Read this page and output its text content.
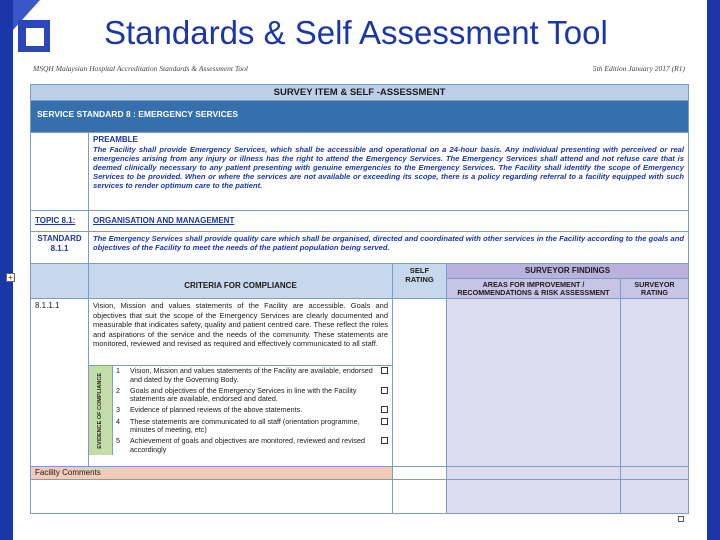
Standards & Self Assessment Tool
MSQH Malaysian Hospital Accreditation Standards & Assessment Tool	5th Edition January 2017 (R1)
SURVEY ITEM & SELF -ASSESSMENT
SERVICE STANDARD 8 : EMERGENCY SERVICES

PREAMBLE
The Facility shall provide Emergency Services, which shall be accessible and operational on a 24-hour basis. Any individual presenting with perceived or real emergencies arising from any injury or illness has the right to attend the Emergency Services. The Emergency Services shall attend and not refuse care that is deemed clinically necessary to any patient presenting with genuine emergencies to the Emergency Services. The Facility shall identify the scope of Emergency Services to be provided. When or where the services are not available or exceeding its scope, there is a policy regarding referral to a facility equipped with such services to render optimum care to the patient.

TOPIC 8.1:	ORGANISATION AND MANAGEMENT

STANDARD
8.1.1
	The Emergency Services shall provide quality care which shall be organised, directed and coordinated with other services in the Facility according to the goals and objectives of the Facility to meet the needs of the patient population being served.
	CRITERIA FOR COMPLIANCE	SELF RATING	SURVEYOR FINDINGS
AREAS FOR IMPROVEMENT / RECOMMENDATIONS & RISK ASSESSMENT	SURVEYOR RATING
8.1.1.1	Vision, Mission and values statements of the Facility are accessible. Goals and objectives that suit the scope of the Emergency Services are clearly documented and measurable that indicates safety, quality and patient centred care. These reflect the roles and aspirations of the service and the needs of the community. These statements are monitored, reviewed and revised as required and effectively communicated to all staff.
EVIDENCE OF COMPLIANCE
1	Vision, Mission and values statements of the Facility are available, endorsed and dated by the Governing Body.	
2	Goals and objectives of the Emergency Services in line with the Facility statements are available, endorsed and dated.	
3	Evidence of planned reviews of the above statements.	
4	These statements are communicated to all staff (orientation programme, minutes of meeting, etc)	
5	Achievement of goals and objectives are monitored, reviewed and revised accordingly	

Facility Comments			

+
